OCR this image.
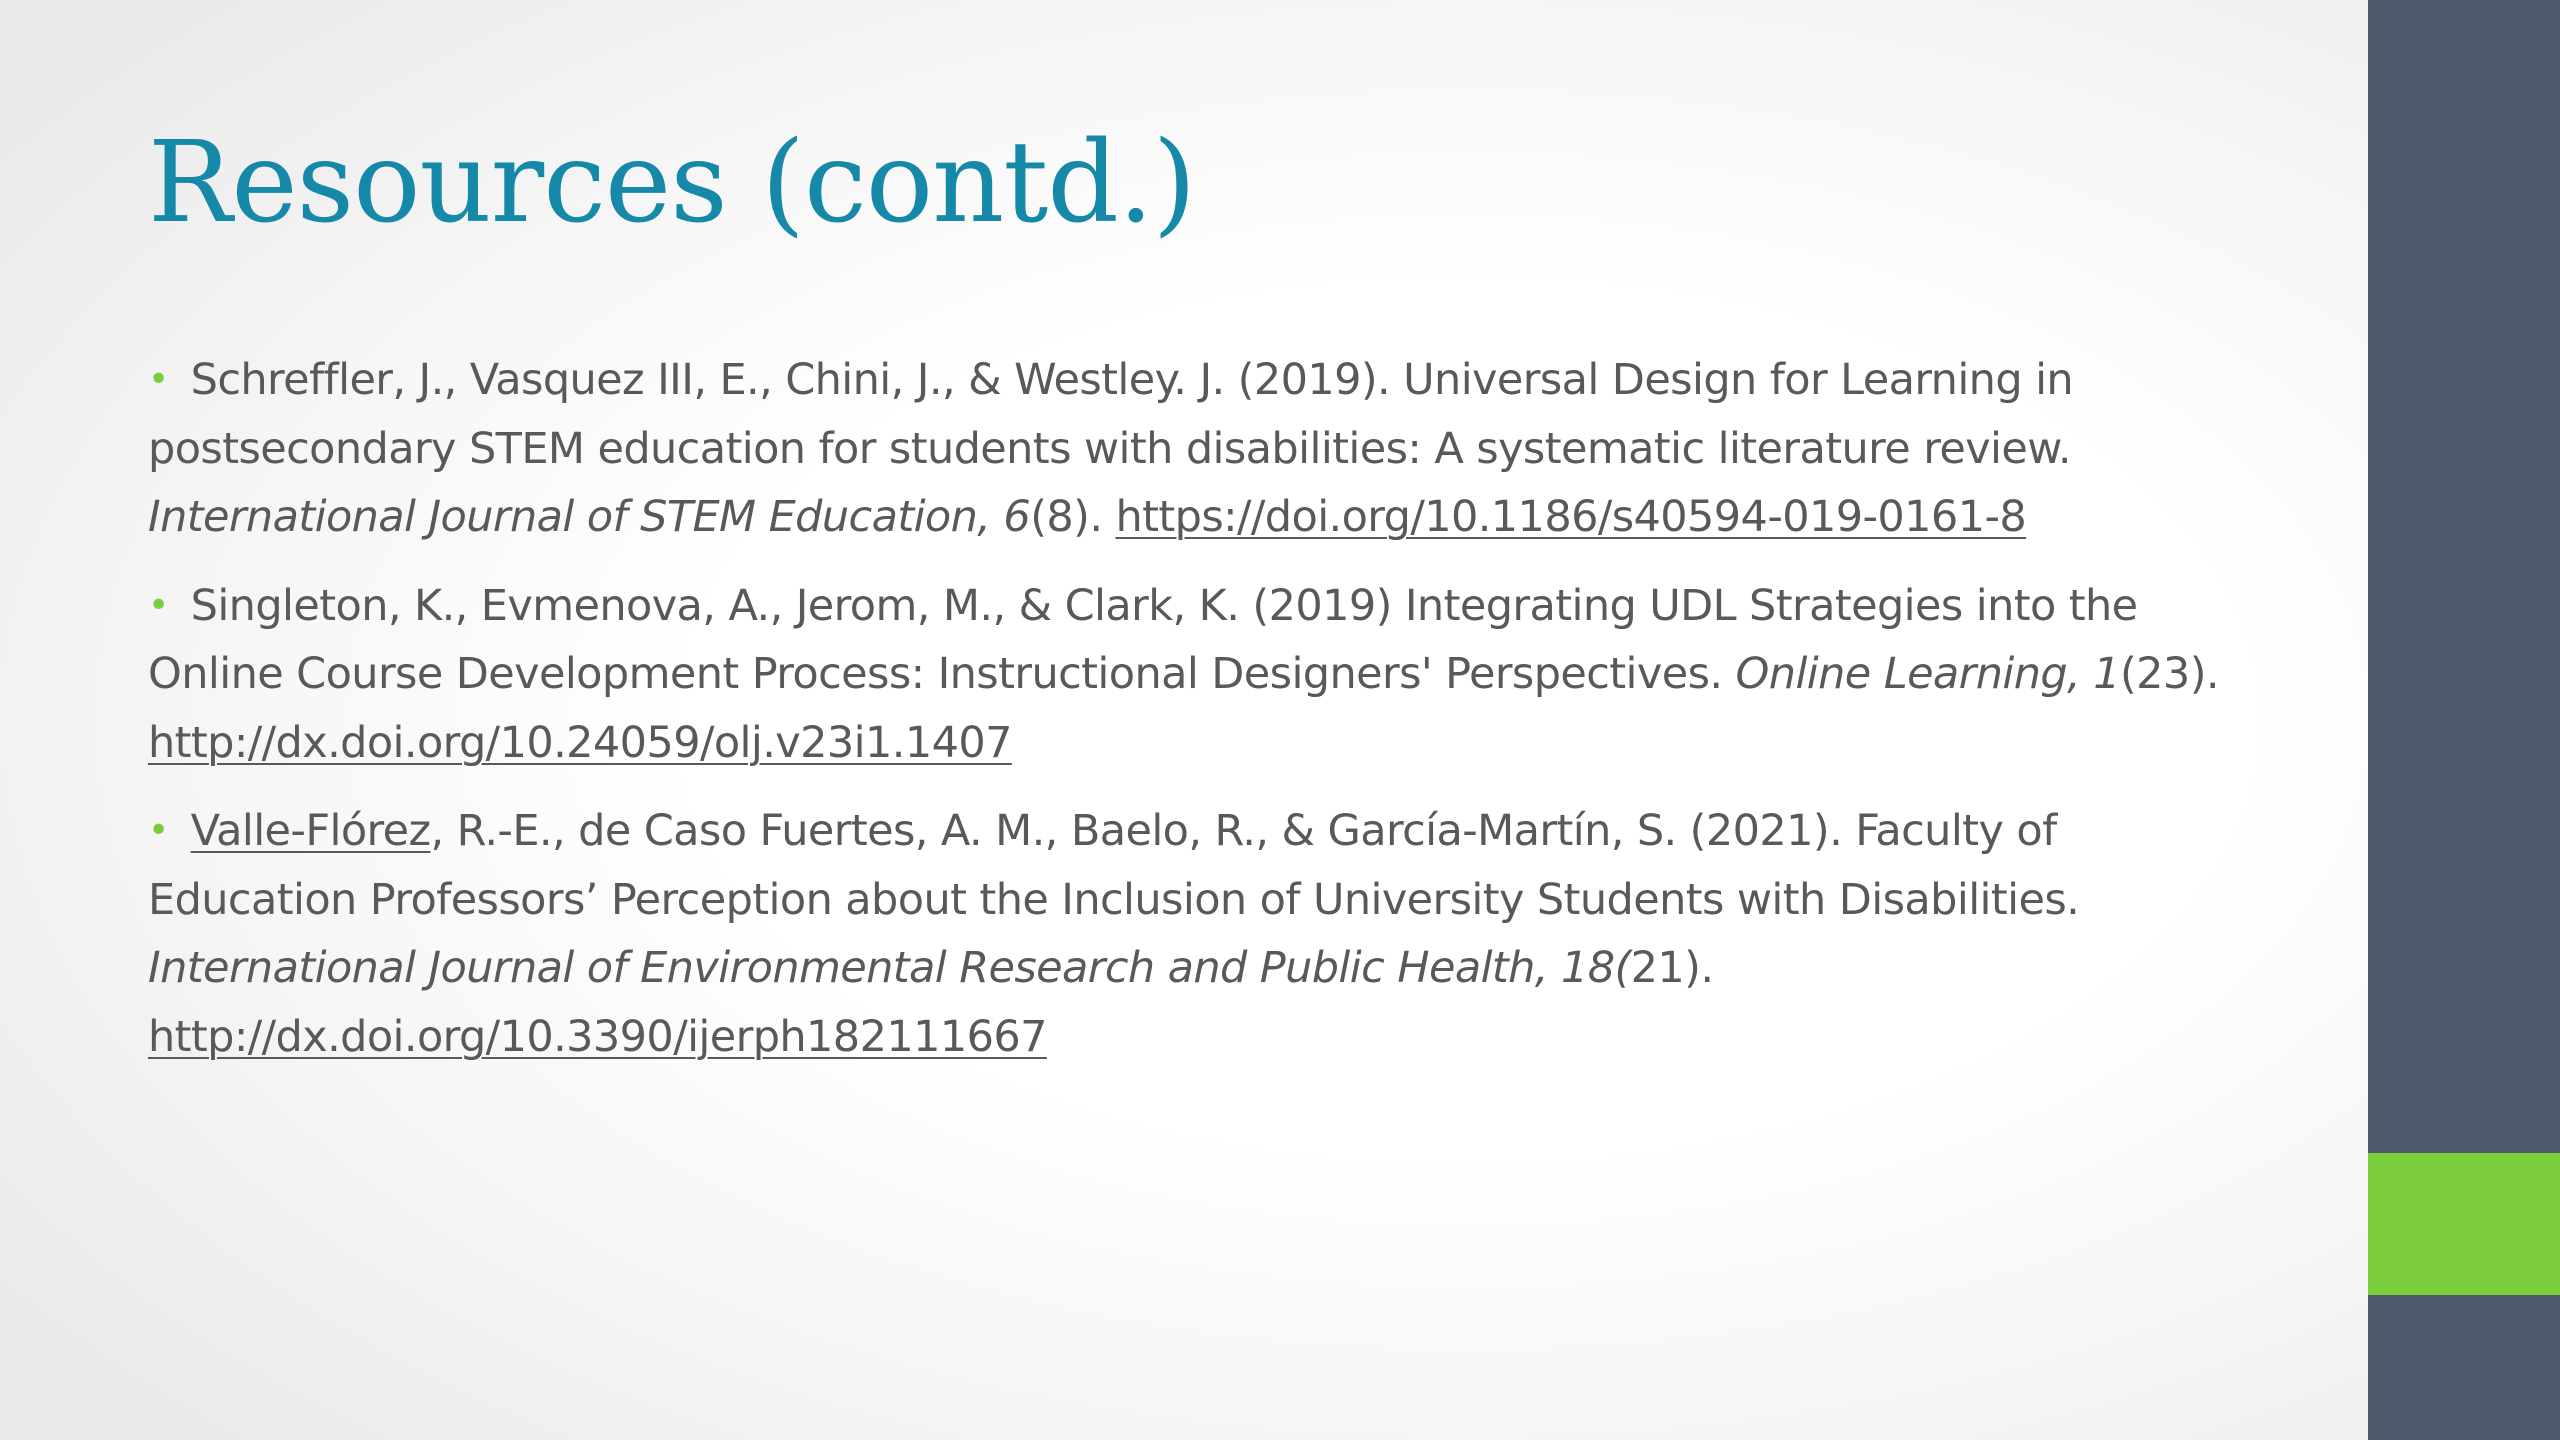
Resources (contd.)
• Schreffler, J., Vasquez III, E., Chini, J., & Westley. J. (2019). Universal Design for Learning in postsecondary STEM education for students with disabilities: A systematic literature review. International Journal of STEM Education, 6(8). https://doi.org/10.1186/s40594-019-0161-8
• Singleton, K., Evmenova, A., Jerom, M., & Clark, K. (2019) Integrating UDL Strategies into the Online Course Development Process: Instructional Designers' Perspectives. Online Learning, 1(23). http://dx.doi.org/10.24059/olj.v23i1.1407
• Valle-Flórez, R.-E., de Caso Fuertes, A. M., Baelo, R., & García-Martín, S. (2021). Faculty of Education Professors’ Perception about the Inclusion of University Students with Disabilities. International Journal of Environmental Research and Public Health, 18(21).
http://dx.doi.org/10.3390/ijerph182111667
